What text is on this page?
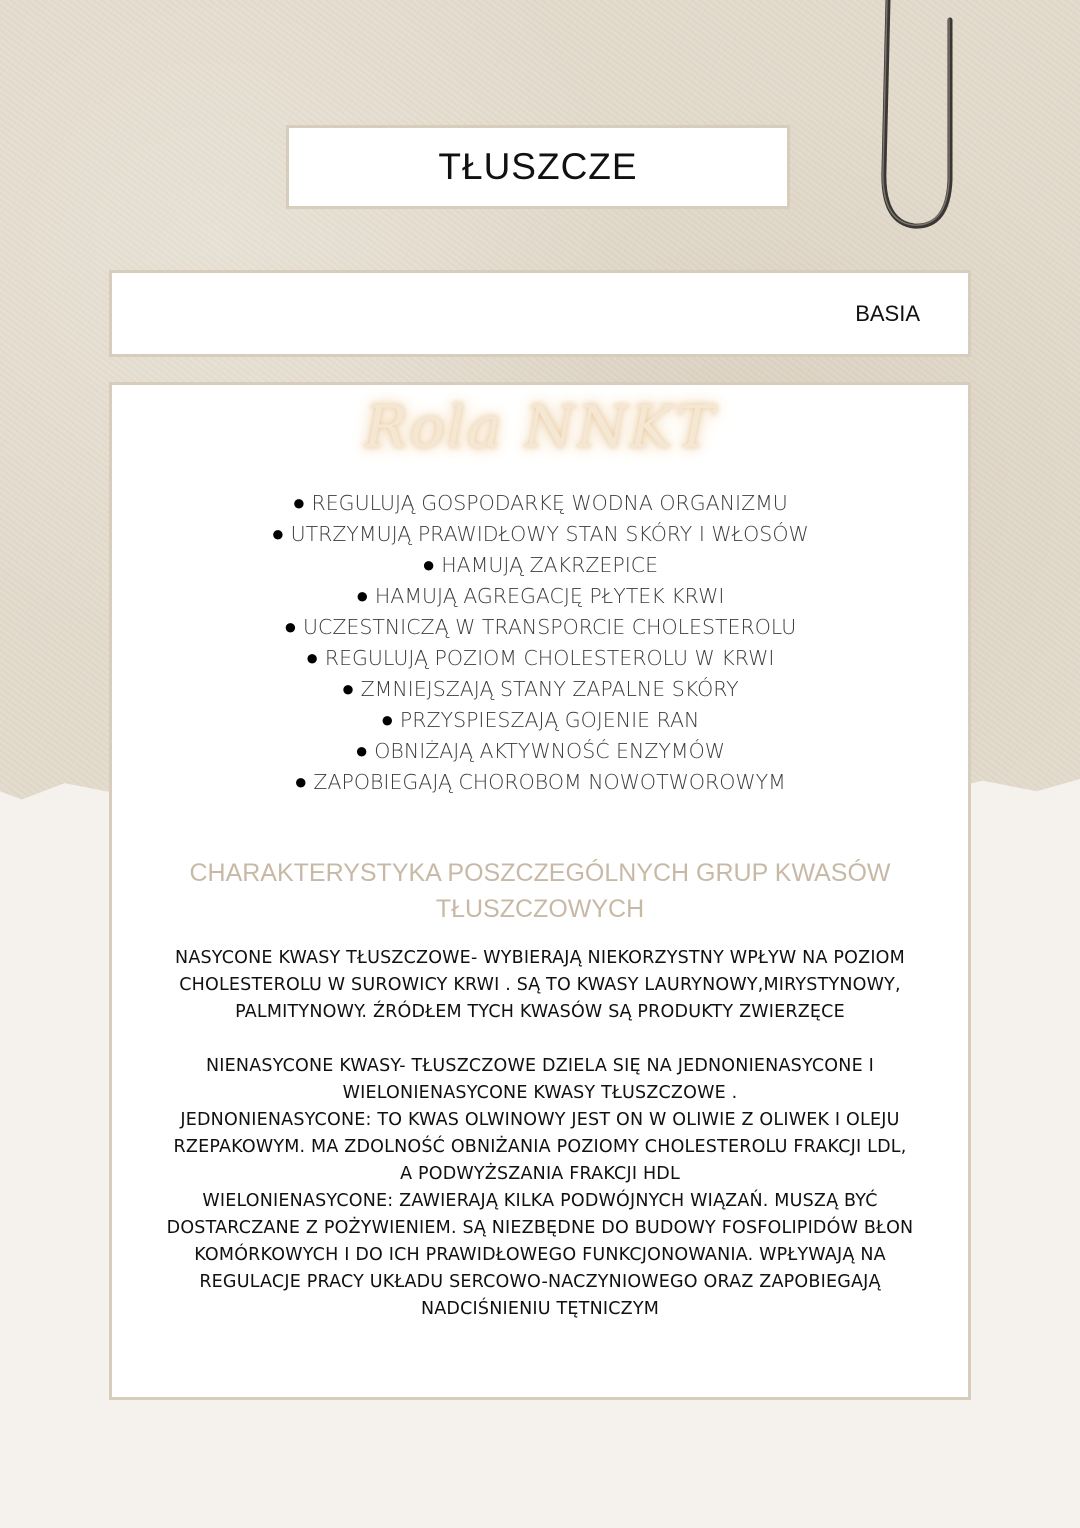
TŁUSZCZE
BASIA
Rola NNKT
● REGULUJĄ GOSPODARKĘ WODNA ORGANIZMU
● UTRZYMUJĄ PRAWIDŁOWY STAN SKÓRY I WŁOSÓW
● HAMUJĄ ZAKRZEPICE
● HAMUJĄ AGREGACJĘ PŁYTEK KRWI
● UCZESTNICZĄ W TRANSPORCIE CHOLESTEROLU
● REGULUJĄ POZIOM CHOLESTEROLU W KRWI
● ZMNIEJSZAJĄ STANY ZAPALNE SKÓRY
● PRZYSPIESZAJĄ GOJENIE RAN
● OBNIŻAJĄ AKTYWNOŚĆ ENZYMÓW
● ZAPOBIEGAJĄ CHOROBOM NOWOTWOROWYM
CHARAKTERYSTYKA POSZCZEGÓLNYCH GRUP KWASÓW
TŁUSZCZOWYCH
NASYCONE KWASY TŁUSZCZOWE- WYBIERAJĄ NIEKORZYSTNY WPŁYW NA POZIOM
CHOLESTEROLU W SUROWICY KRWI . SĄ TO KWASY LAURYNOWY,MIRYSTYNOWY,
PALMITYNOWY. ŹRÓDŁEM TYCH KWASÓW SĄ PRODUKTY ZWIERZĘCE
NIENASYCONE KWASY- TŁUSZCZOWE DZIELA SIĘ NA JEDNONIENASYCONE I
WIELONIENASYCONE KWASY TŁUSZCZOWE .
JEDNONIENASYCONE: TO KWAS OLWINOWY JEST ON W OLIWIE Z OLIWEK I OLEJU
RZEPAKOWYM. MA ZDOLNOŚĆ OBNIŻANIA POZIOMY CHOLESTEROLU FRAKCJI LDL,
A PODWYŻSZANIA FRAKCJI HDL
WIELONIENASYCONE: ZAWIERAJĄ KILKA PODWÓJNYCH WIĄZAŃ. MUSZĄ BYĆ
DOSTARCZANE Z POŻYWIENIEM. SĄ NIEZBĘDNE DO BUDOWY FOSFOLIPIDÓW BŁON
KOMÓRKOWYCH I DO ICH PRAWIDŁOWEGO FUNKCJONOWANIA. WPŁYWAJĄ NA
REGULACJE PRACY UKŁADU SERCOWO-NACZYNIOWEGO ORAZ ZAPOBIEGAJĄ
NADCIŚNIENIU TĘTNICZYM
